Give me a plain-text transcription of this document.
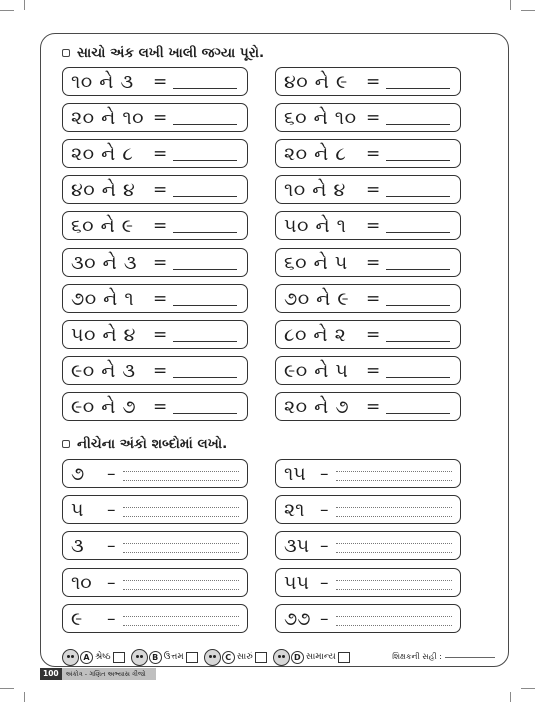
સાચો અંક લખી ખાલી જગ્યા પૂરો.
૧૦ ને ૩ =
૨૦ ને ૧૦ =
૨૦ ને ૮ =
૪૦ ને ૪ =
૬૦ ને ૯ =
૩૦ ને ૩ =
૭૦ ને ૧ =
૫૦ ને ૪ =
૯૦ ને ૩ =
૯૦ ને ૭ =
૪૦ ને ૯ =
૬૦ ને ૧૦ =
૨૦ ને ૮ =
૧૦ ને ૪ =
૫૦ ને ૧ =
૬૦ ને ૫ =
૭૦ ને ૯ =
૮૦ ને ૨ =
૯૦ ને ૫ =
૨૦ ને ૭ =
નીચેના અંકો શબ્દોમાં લખો.
૭ –
૫ –
૩ –
૧૦ –
૯ –
૧૫ –
૨૧ –
૩૫ –
૫૫ –
૭૭ –
A શ્રેષ્ઠ	B ઉત્તમ	C સારું	D સામાન્ય	શિક્ષકની સહી :
100	અંકોત્ર - ગણિત અભ્યાસ ત્રીજો
